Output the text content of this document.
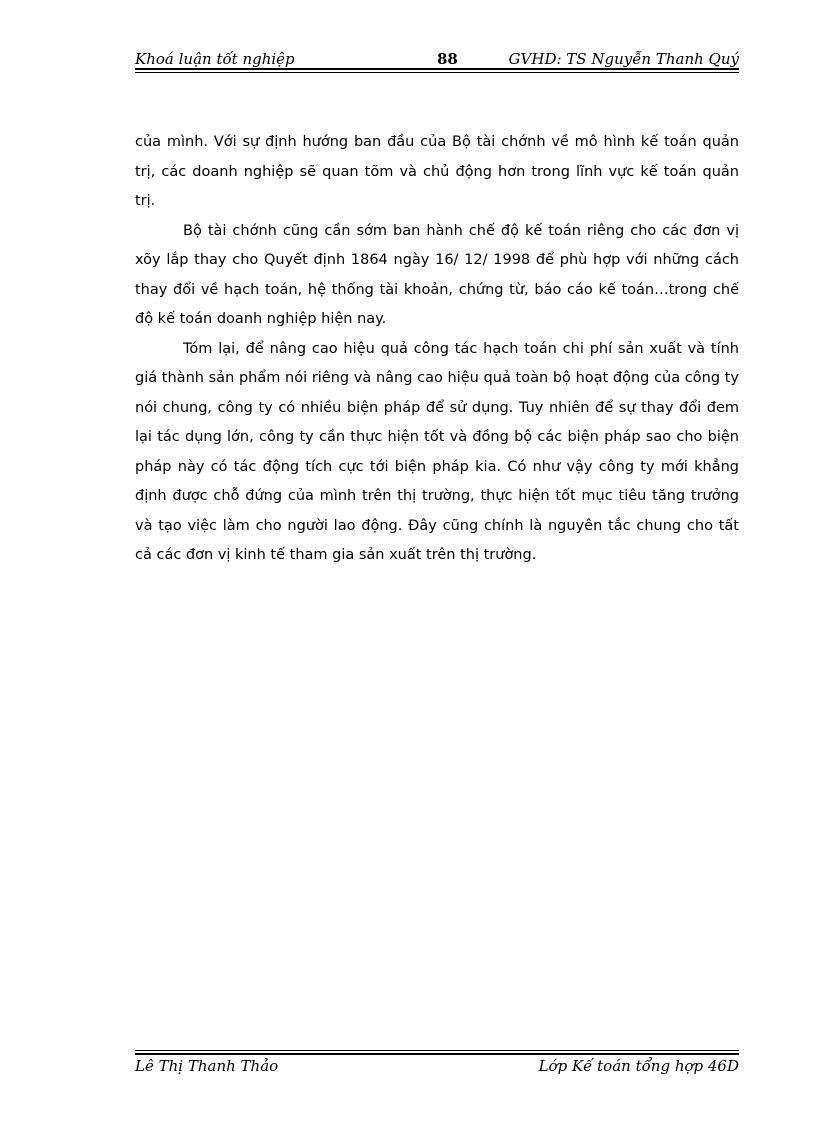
Khoá luận tốt nghiệp	88	GVHD: TS Nguyễn Thanh Quý

của mình. Với sự định hướng ban đầu của Bộ tài chớnh về mô hình kế toán quản trị, các doanh nghiệp sẽ quan tõm và chủ động hơn trong lĩnh vực kế toán quản trị.

Bộ tài chớnh cũng cần sớm ban hành chế độ kế toán riêng cho các đơn vị xõy lắp thay cho Quyết định 1864 ngày 16/ 12/ 1998 để phù hợp với những cách thay đổi về hạch toán, hệ thống tài khoản, chứng từ, báo cáo kế toán…trong chế độ kế toán doanh nghiệp hiện nay.

Tóm lại, để nâng cao hiệu quả công tác hạch toán chi phí sản xuất và tính giá thành sản phẩm nói riêng và nâng cao hiệu quả toàn bộ hoạt động của công ty nói chung, công ty có nhiều biện pháp để sử dụng. Tuy nhiên để sự thay đổi đem lại tác dụng lớn, công ty cần thực hiện tốt và đồng bộ các biện pháp sao cho biện pháp này có tác động tích cực tới biện pháp kia. Có như vậy công ty mới khẳng định được chỗ đứng của mình trên thị trường, thực hiện tốt mục tiêu tăng trưởng và tạo việc làm cho người lao động. Đây cũng chính là nguyên tắc chung cho tất cả các đơn vị kinh tế tham gia sản xuất trên thị trường.

Lê Thị Thanh Thảo	Lớp Kế toán tổng hợp 46D
